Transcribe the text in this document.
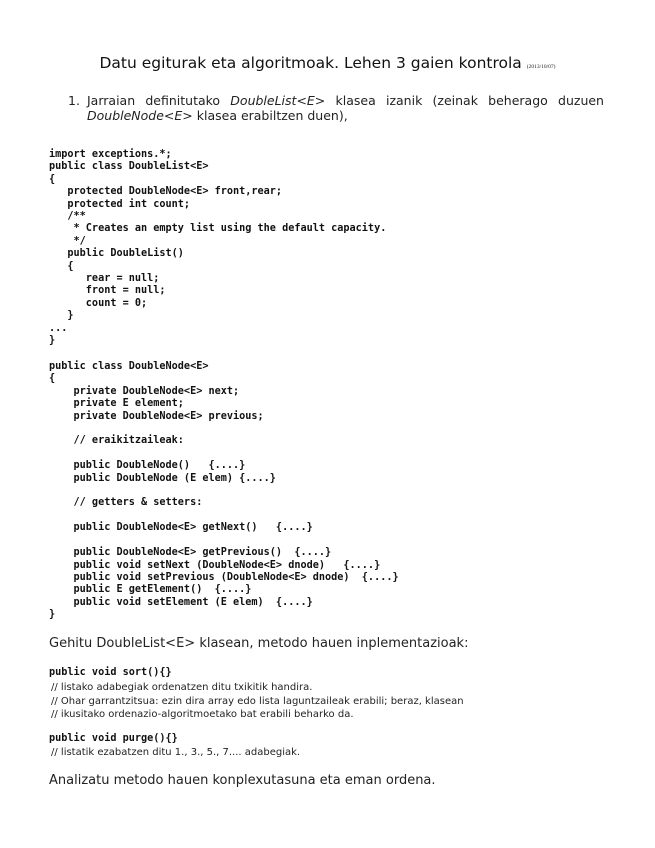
Datu egiturak eta algoritmoak. Lehen 3 gaien kontrola (2013/10/07)
1. Jarraian definitutako DoubleList<E> klasea izanik (zeinak beherago duzuen DoubleNode<E> klasea erabiltzen duen),
import exceptions.*;
public class DoubleList<E>
{
protected DoubleNode<E> front,rear;
protected int count;
/**
* Creates an empty list using the default capacity.
*/
public DoubleList()
{
rear = null;
front = null;
count = 0;
}
...
}
public class DoubleNode<E>
{
private DoubleNode<E> next;
private E element;
private DoubleNode<E> previous;

// eraikitzaileak:

public DoubleNode()   {....}
public DoubleNode (E elem) {....}

// getters & setters:

public DoubleNode<E> getNext()   {....}

public DoubleNode<E> getPrevious()  {....}
public void setNext (DoubleNode<E> dnode)   {....}
public void setPrevious (DoubleNode<E> dnode)  {....}
public E getElement()  {....}
public void setElement (E elem)  {....}
}
Gehitu DoubleList<E> klasean, metodo hauen inplementazioak:
public void sort(){}
// listako adabegiak ordenatzen ditu txikitik handira.
// Ohar garrantzitsua: ezin dira array edo lista laguntzaileak erabili; beraz, klasean
// ikusitako ordenazio-algoritmoetako bat erabili beharko da.
public void purge(){}
// listatik ezabatzen ditu 1., 3., 5., 7.... adabegiak.
Analizatu metodo hauen konplexutasuna eta eman ordena.
